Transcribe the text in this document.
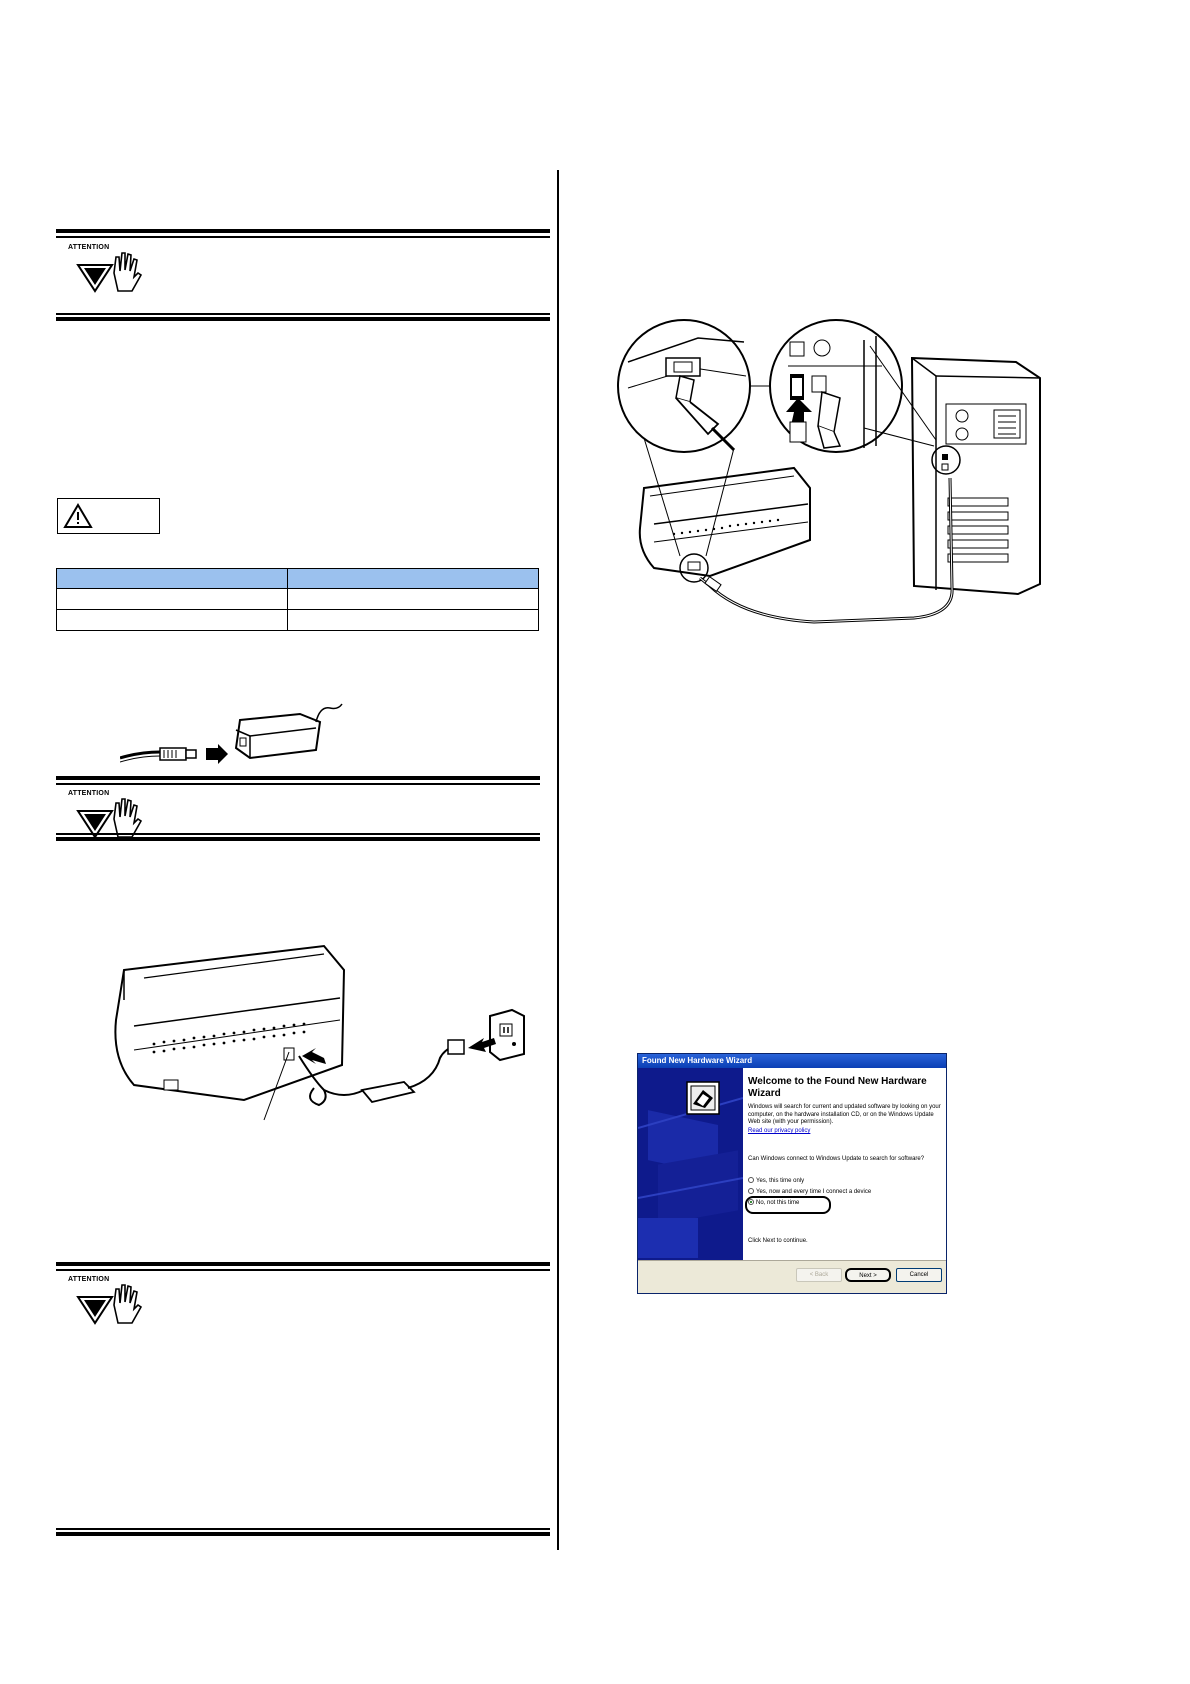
ATTENTION

ATTENTION
ATTENTION
Found New Hardware Wizard
Welcome to the Found New Hardware Wizard
Windows will search for current and updated software by looking on your computer, on the hardware installation CD, or on the Windows Update Web site (with your permission).
Read our privacy policy
Can Windows connect to Windows Update to search for software?
Yes, this time only
Yes, now and every time I connect a device
No, not this time
Click Next to continue.
< Back	Next >	Cancel
